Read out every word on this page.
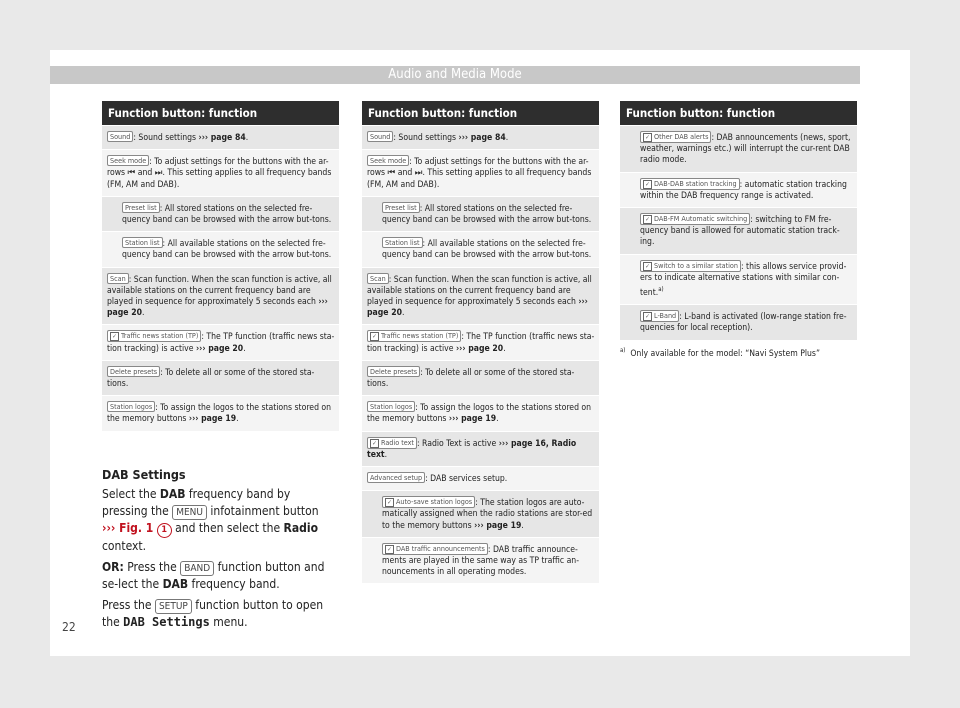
Audio and Media Mode
Function button: function
Sound : Sound settings ››› page 84.
Seek mode : To adjust settings for the buttons with the ar-rows ⏮ and ⏭. This setting applies to all frequency bands (FM, AM and DAB).
Preset list : All stored stations on the selected fre-quency band can be browsed with the arrow but-tons.
Station list : All available stations on the selected fre-quency band can be browsed with the arrow but-tons.
Scan : Scan function. When the scan function is active, all available stations on the current frequency band are played in sequence for approximately 5 seconds each ››› page 20.
✓ Traffic news station (TP) : The TP function (traffic news sta-tion tracking) is active ››› page 20.
Delete presets : To delete all or some of the stored sta-tions.
Station logos : To assign the logos to the stations stored on the memory buttons ››› page 19.
DAB Settings

Select the DAB frequency band by pressing the MENU infotainment button ››› Fig. 1 1 and then select the Radio context.

OR: Press the BAND function button and se-lect the DAB frequency band.

Press the SETUP function button to open the DAB Settings menu.

Function button: function
Sound : Sound settings ››› page 84.
Seek mode : To adjust settings for the buttons with the ar-rows ⏮ and ⏭. This setting applies to all frequency bands (FM, AM and DAB).
Preset list : All stored stations on the selected fre-quency band can be browsed with the arrow but-tons.
Station list : All available stations on the selected fre-quency band can be browsed with the arrow but-tons.
Scan : Scan function. When the scan function is active, all available stations on the current frequency band are played in sequence for approximately 5 seconds each ››› page 20.
✓ Traffic news station (TP) : The TP function (traffic news sta-tion tracking) is active ››› page 20.
Delete presets : To delete all or some of the stored sta-tions.
Station logos : To assign the logos to the stations stored on the memory buttons ››› page 19.
✓ Radio text : Radio Text is active ››› page 16, Radio text.
Advanced setup : DAB services setup.
✓ Auto-save station logos : The station logos are auto-matically assigned when the radio stations are stor-ed to the memory buttons ››› page 19.
✓ DAB traffic announcements : DAB traffic announce-ments are played in the same way as TP traffic an-nouncements in all operating modes.
Function button: function
✓ Other DAB alerts : DAB announcements (news, sport, weather, warnings etc.) will interrupt the cur-rent DAB radio mode.
✓ DAB-DAB station tracking : automatic station tracking within the DAB frequency range is activated.
✓ DAB-FM Automatic switching : switching to FM fre-quency band is allowed for automatic station track-ing.
✓ Switch to a similar station : this allows service provid-ers to indicate alternative stations with similar con-tent.$^{a)}$
✓ L-Band : L-band is activated (low-range station fre-quencies for local reception).
$^{a)}$ Only available for the model: “Navi System Plus”
22
